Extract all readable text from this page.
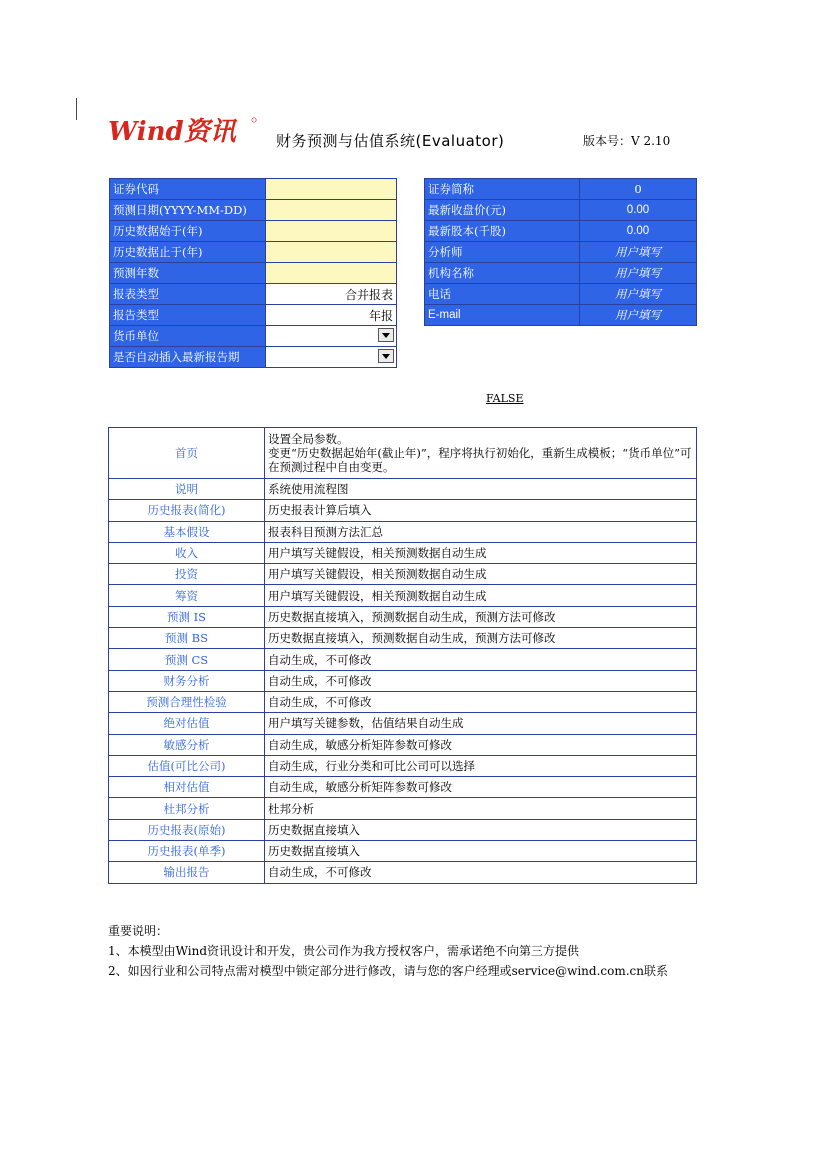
Wind资讯	财务预测与估值系统(Evaluator)	版本号：V 2.10
证券代码	
预测日期(YYYY-MM-DD)	
历史数据始于(年)	
历史数据止于(年)	
预测年数	
报表类型	合并报表
报告类型	年报
货币单位	

是否自动插入最新报告期	
证券简称	0
最新收盘价(元)	0.00
最新股本(千股)	0.00
分析师	用户填写
机构名称	用户填写
电话	用户填写
E-mail	用户填写
FALSE
首页	设置全局参数。
变更“历史数据起始年(截止年)”，程序将执行初始化，重新生成模板；“货币单位”可在预测过程中自由变更。
说明	系统使用流程图
历史报表(简化)	历史报表计算后填入
基本假设	报表科目预测方法汇总
收入	用户填写关键假设，相关预测数据自动生成
投资	用户填写关键假设，相关预测数据自动生成
筹资	用户填写关键假设，相关预测数据自动生成
预测 IS	历史数据直接填入，预测数据自动生成，预测方法可修改
预测 BS	历史数据直接填入，预测数据自动生成，预测方法可修改
预测 CS	自动生成，不可修改
财务分析	自动生成，不可修改
预测合理性检验	自动生成，不可修改
绝对估值	用户填写关键参数，估值结果自动生成
敏感分析	自动生成，敏感分析矩阵参数可修改
估值(可比公司)	自动生成，行业分类和可比公司可以选择
相对估值	自动生成，敏感分析矩阵参数可修改
杜邦分析	杜邦分析
历史报表(原始)	历史数据直接填入
历史报表(单季)	历史数据直接填入
输出报告	自动生成，不可修改
重要说明：
1、本模型由Wind资讯设计和开发，贵公司作为我方授权客户，需承诺绝不向第三方提供
2、如因行业和公司特点需对模型中锁定部分进行修改，请与您的客户经理或service@wind.com.cn联系
